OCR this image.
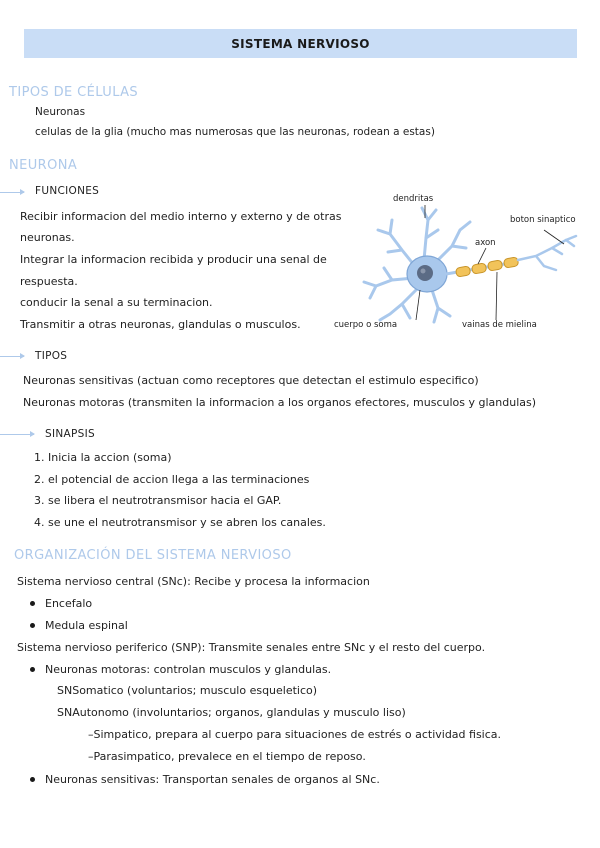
SISTEMA NERVIOSO
TIPOS DE CÉLULAS
Neuronas
celulas de la glia (mucho mas numerosas que las neuronas, rodean a estas)
NEURONA
FUNCIONES
Recibir informacion del medio interno y externo y de otras
neuronas.
Integrar la informacion recibida y producir una senal de
respuesta.
conducir la senal a su terminacion.
Transmitir a otras neuronas, glandulas o musculos.
dendritas
axon
boton sinaptico
cuerpo o soma	vainas de mielina
TIPOS
Neuronas sensitivas (actuan como receptores que detectan el estimulo especifico)
Neuronas motoras (transmiten la informacion a los organos efectores, musculos y glandulas)
SINAPSIS
1. Inicia la accion (soma)
2. el potencial de accion llega a las terminaciones
3. se libera el neutrotransmisor hacia el GAP.
4. se une el neutrotransmisor y se abren los canales.
ORGANIZACIÓN DEL SISTEMA NERVIOSO
Sistema nervioso central (SNc): Recibe y procesa la informacion
Encefalo
Medula espinal
Sistema nervioso periferico (SNP): Transmite senales entre SNc y el resto del cuerpo.
Neuronas motoras: controlan musculos y glandulas.
SNSomatico (voluntarios; musculo esqueletico)
SNAutonomo (involuntarios; organos, glandulas y musculo liso)
–Simpatico, prepara al cuerpo para situaciones de estrés o actividad fisica.
–Parasimpatico, prevalece en el tiempo de reposo.
Neuronas sensitivas: Transportan senales de organos al SNc.
